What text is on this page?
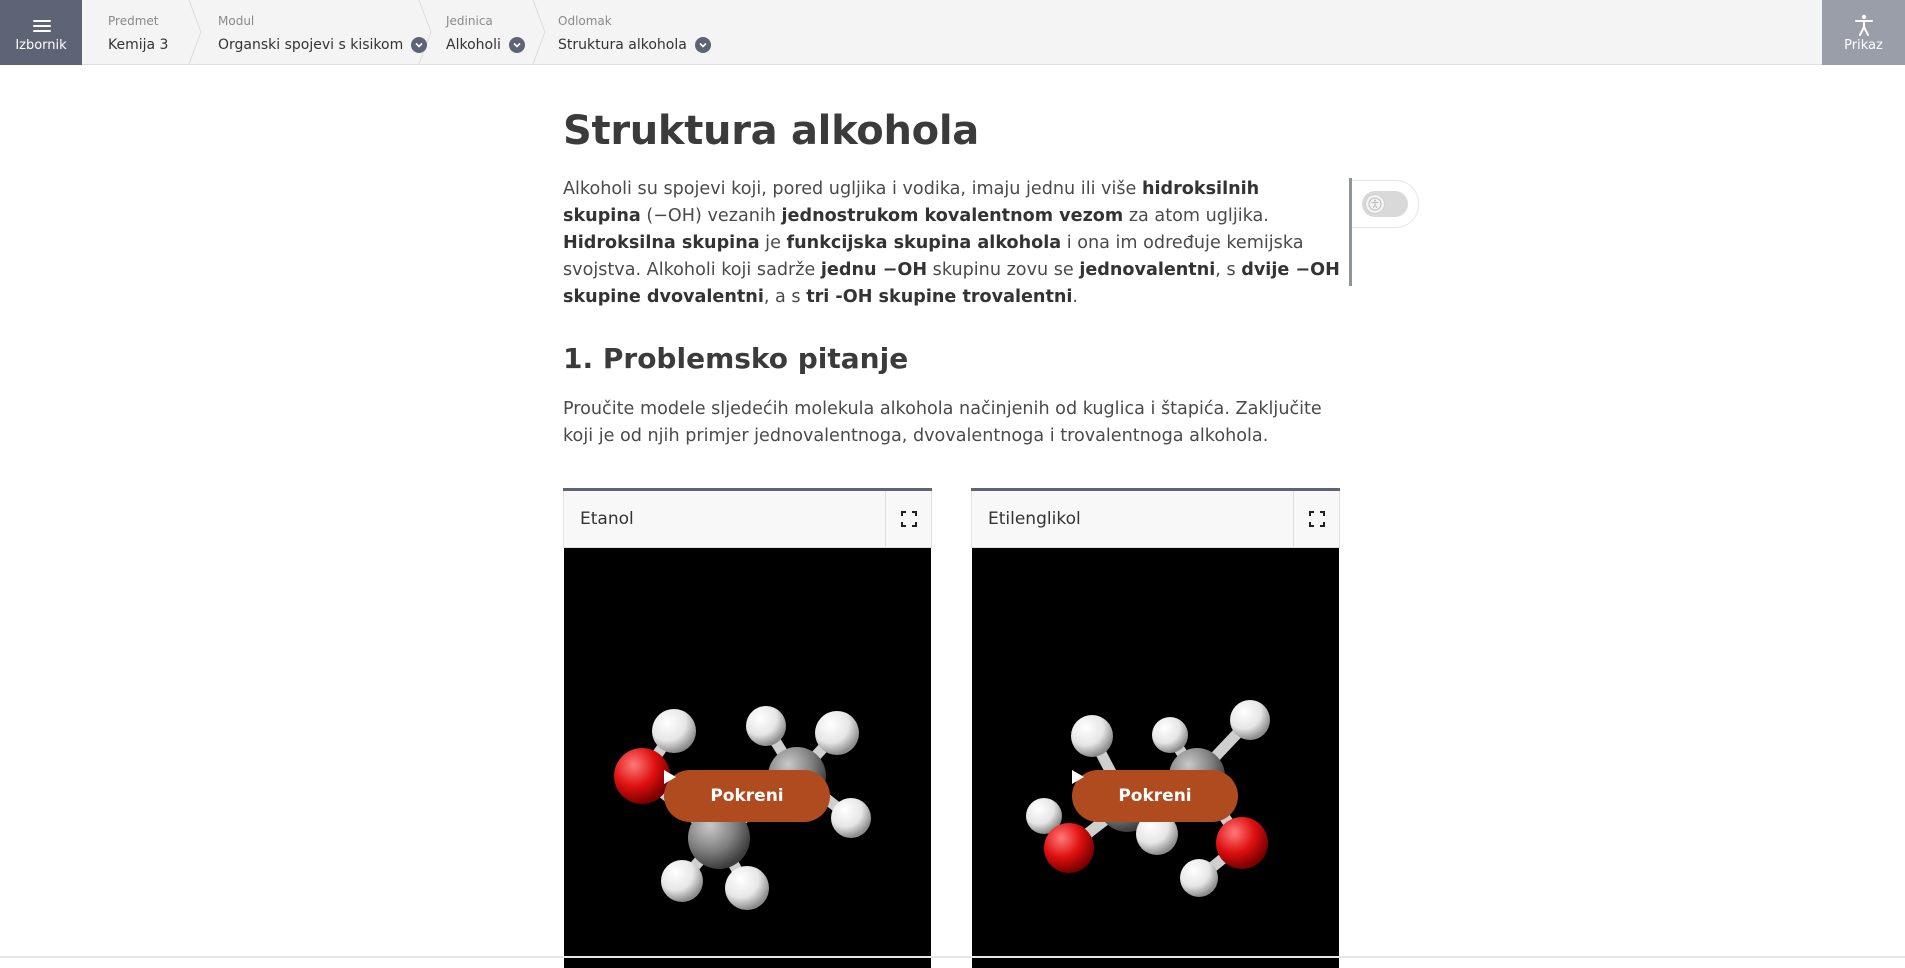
Izbornik
Predmet
Kemija 3
Modul
Organski spojevi s kisikom
Jedinica
Alkoholi
Odlomak
Struktura alkohola	Prikaz
Struktura alkohola

Alkoholi su spojevi koji, pored ugljika i vodika, imaju jednu ili više hidroksilnih skupina (−OH) vezanih jednostrukom kovalentnom vezom za atom ugljika. Hidroksilna skupina je funkcijska skupina alkohola i ona im određuje kemijska svojstva. Alkoholi koji sadrže jednu −OH skupinu zovu se jednovalentni, s dvije −OH skupine dvovalentni, a s tri -OH skupine trovalentni.

1. Problemsko pitanje

Proučite modele sljedećih molekula alkohola načinjenih od kuglica i štapića. Zaključite koji je od njih primjer jednovalentnoga, dvovalentnoga i trovalentnoga alkohola.

Etanol
Pokreni
Etilenglikol
Pokreni
